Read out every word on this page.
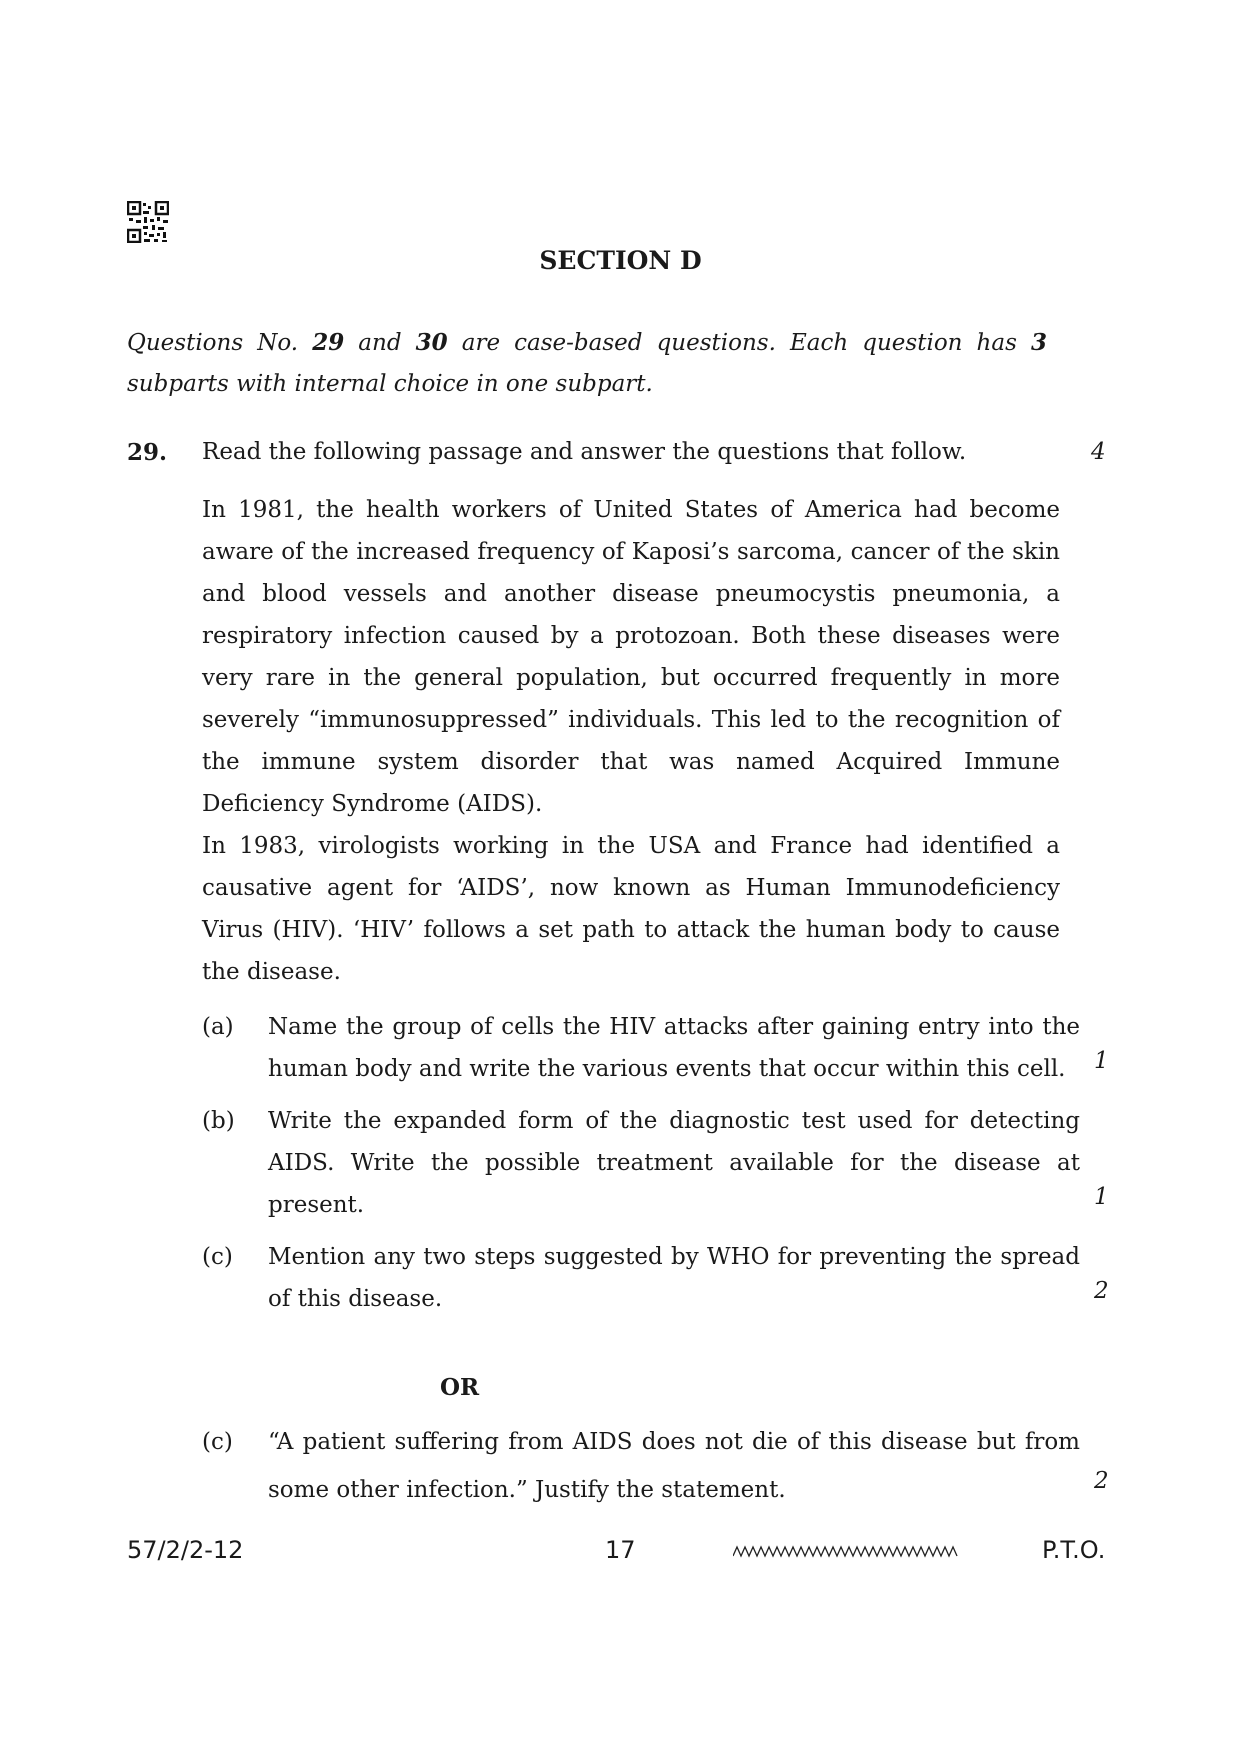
SECTION D
Questions No. 29 and 30 are case-based questions. Each question has 3 subparts with internal choice in one subpart.
29. Read the following passage and answer the questions that follow.	4

In 1981, the health workers of United States of America had become aware of the increased frequency of Kaposi’s sarcoma, cancer of the skin and blood vessels and another disease pneumocystis pneumonia, a respiratory infection caused by a protozoan. Both these diseases were very rare in the general population, but occurred frequently in more severely “immunosuppressed” individuals. This led to the recognition of the immune system disorder that was named Acquired Immune Deficiency Syndrome (AIDS).

In 1983, virologists working in the USA and France had identified a causative agent for ‘AIDS’, now known as Human Immunodeficiency Virus (HIV). ‘HIV’ follows a set path to attack the human body to cause the disease.

(a) Name the group of cells the HIV attacks after gaining entry into the human body and write the various events that occur within this cell.	1
(b) Write the expanded form of the diagnostic test used for detecting AIDS. Write the possible treatment available for the disease at present.	1
(c) Mention any two steps suggested by WHO for preventing the spread of this disease.	2
OR
(c) “A patient suffering from AIDS does not die of this disease but from some other infection.” Justify the statement.	2
57/2/2-12	17	P.T.O.
